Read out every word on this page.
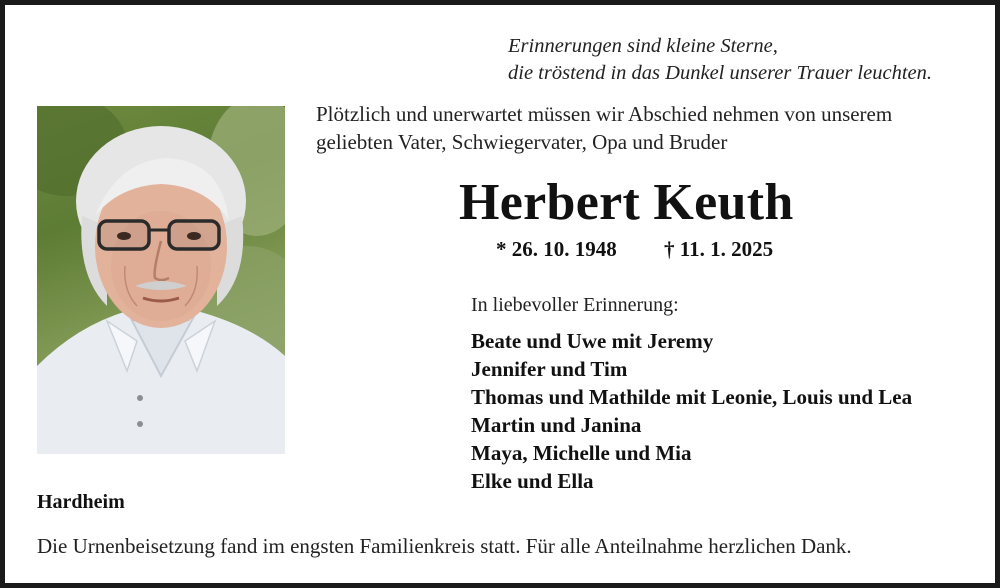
Erinnerungen sind kleine Sterne,
die tröstend in das Dunkel unserer Trauer leuchten.
Plötzlich und unerwartet müssen wir Abschied nehmen von unserem
geliebten Vater, Schwiegervater, Opa und Bruder
Herbert Keuth
* 26. 10. 1948 † 11. 1. 2025
In liebevoller Erinnerung:
Beate und Uwe mit Jeremy
Jennifer und Tim
Thomas und Mathilde mit Leonie, Louis und Lea
Martin und Janina
Maya, Michelle und Mia
Elke und Ella
Hardheim
Die Urnenbeisetzung fand im engsten Familienkreis statt. Für alle Anteilnahme herzlichen Dank.
